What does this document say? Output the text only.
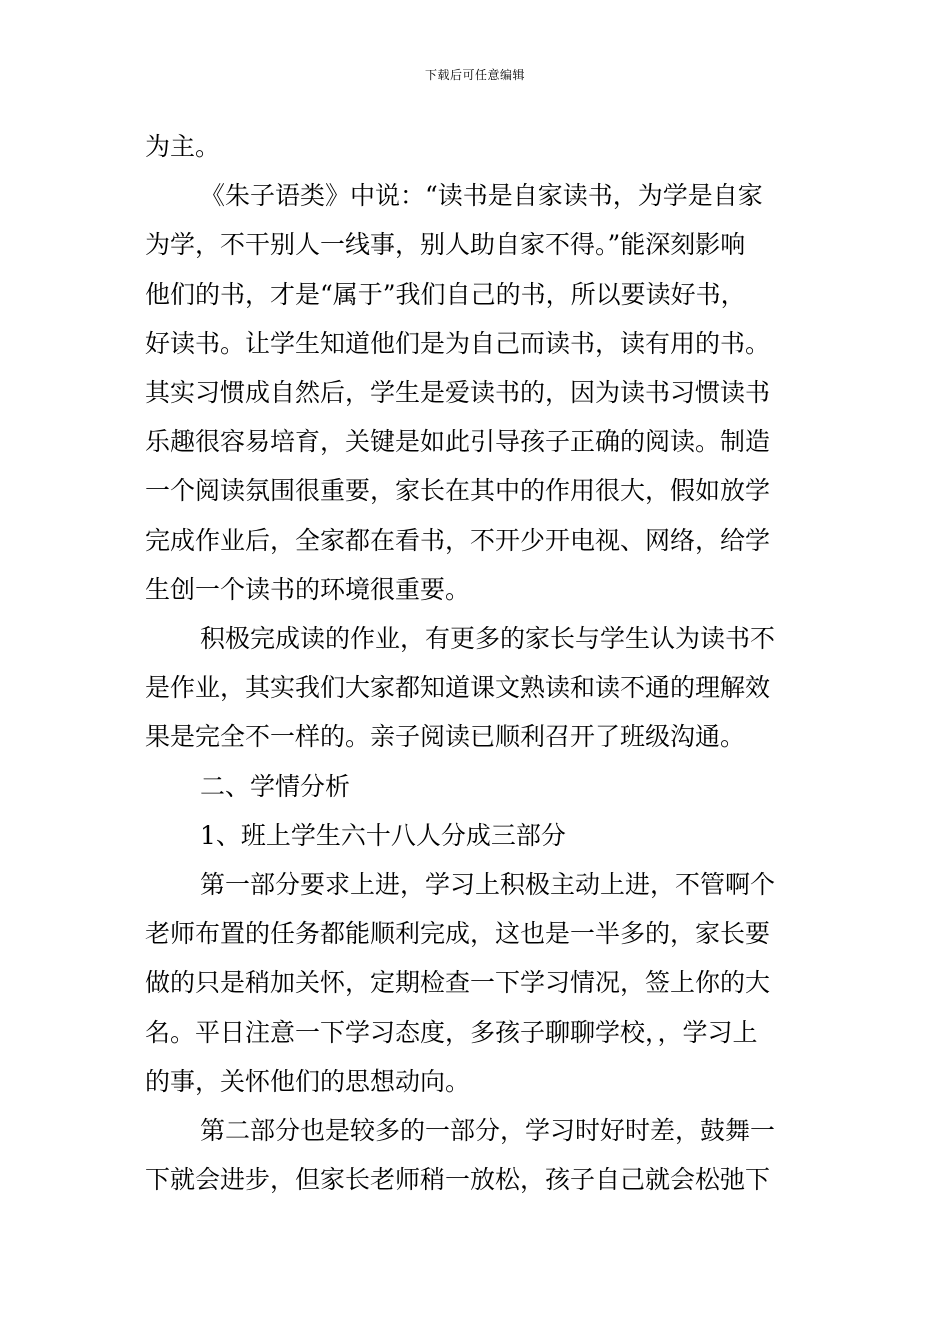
下载后可任意编辑

为主。

《朱子语类》中说：“读书是自家读书，为学是自家

为学，不干别人一线事，别人助自家不得。”能深刻影响

他们的书，才是“属于”我们自己的书，所以要读好书，

好读书。让学生知道他们是为自己而读书，读有用的书。

其实习惯成自然后，学生是爱读书的，因为读书习惯读书

乐趣很容易培育，关键是如此引导孩子正确的阅读。制造

一个阅读氛围很重要，家长在其中的作用很大，假如放学

完成作业后，全家都在看书，不开少开电视、网络，给学

生创一个读书的环境很重要。

积极完成读的作业，有更多的家长与学生认为读书不

是作业，其实我们大家都知道课文熟读和读不通的理解效

果是完全不一样的。亲子阅读已顺利召开了班级沟通。

二、学情分析

1、班上学生六十八人分成三部分

第一部分要求上进，学习上积极主动上进，不管啊个

老师布置的任务都能顺利完成，这也是一半多的，家长要

做的只是稍加关怀，定期检查一下学习情况，签上你的大

名。平日注意一下学习态度，多孩子聊聊学校，，学习上

的事，关怀他们的思想动向。

第二部分也是较多的一部分，学习时好时差，鼓舞一

下就会进步，但家长老师稍一放松，孩子自己就会松弛下
